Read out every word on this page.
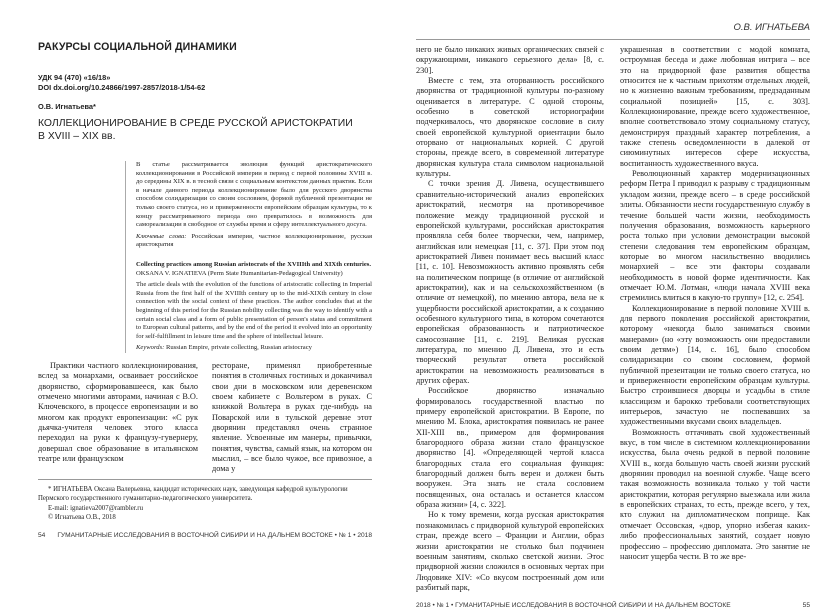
РАКУРСЫ СОЦИАЛЬНОЙ ДИНАМИКИ
УДК 94 (470) «16/18»
DOI dx.doi.org/10.24866/1997-2857/2018-1/54-62
О.В. Игнатьева*
КОЛЛЕКЦИОНИРОВАНИЕ В СРЕДЕ РУССКОЙ АРИСТОКРАТИИ
В XVIII – XIX вв.

В статье рассматривается эволюция функций аристократического коллекционирования в Российской империи в период с первой половины XVIII в. до середины XIX в. в тесной связи с социальным контекстом данных практик. Если в начале данного периода коллекционирование было для русского дворянства способом солидаризации со своим сословием, формой публичной презентации не только своего статуса, но и приверженности европейским образцам культуры, то к концу рассматриваемого периода оно превратилось в возможность для самореализации в свободное от службы время и сферу интеллектуального досуга.

Ключевые слова: Российская империя, частное коллекционирование, русская аристократия

Collecting practices among Russian aristocrats of the XVIIIth and XIXth centuries.

OKSANA V. IGNATIEVA (Perm State Humanitarian-Pedagogical University)

The article deals with the evolution of the functions of aristocratic collecting in Imperial Russia from the first half of the XVIIIth century up to the mid-XIXth century in close connection with the social context of these practices. The author concludes that at the beginning of this period for the Russian nobility collecting was the way to identify with a certain social class and a form of public presentation of person's status and commitment to European cultural patterns, and by the end of the period it evolved into an opportunity for self-fulfillment in leisure time and the sphere of intellectual leisure.

Keywords: Russian Empire, private collecting, Russian aristocracy

Практики частного коллекционирования, вслед за монархами, осваивает российское дворянство, сформировавшееся, как было отмечено многими авторами, начиная с В.О. Ключевского, в процессе европеизации и во многом как продукт европеизации: «С рук дьячка-учителя человек этого класса переходил на руки к французу-гувернеру, довершал свое образование в итальянском театре или французском

ресторане, применял приобретенные понятия в столичных гостиных и доканчивал свои дни в московском или деревенском своем кабинете с Вольтером в руках. С книжкой Вольтера в руках где-нибудь на Поварской или в тульской деревне этот дворянин представлял очень странное явление. Усвоенные им манеры, привычки, понятия, чувства, самый язык, на котором он мыслил, – все было чужое, все привозное, а дома у

* ИГНАТЬЕВА Оксана Валерьевна, кандидат исторических наук, заведующая кафедрой культурологии Пермского государственного гуманитарно-педагогического университета.

E-mail: ignatieva2007@rambler.ru

© Игнатьева О.В., 2018

54 ГУМАНИТАРНЫЕ ИССЛЕДОВАНИЯ В ВОСТОЧНОЙ СИБИРИ И НА ДАЛЬНЕМ ВОСТОКЕ • № 1 • 2018
О.В. ИГНАТЬЕВА

него не было никаких живых органических связей с окружающими, никакого серьезного дела» [8, с. 230].

Вместе с тем, эта оторванность российского дворянства от традиционной культуры по-разному оценивается в литературе. С одной стороны, особенно в советской историографии подчеркивалось, что дворянское сословие в силу своей европейской культурной ориентации было оторвано от национальных корней. С другой стороны, прежде всего, в современной литературе дворянская культура стала символом национальной культуры.

С точки зрения Д. Ливена, осуществившего сравнительно-исторический анализ европейских аристократий, несмотря на противоречивое положение между традиционной русской и европейской культурами, российская аристократия проявляла себя более творчески, чем, например, английская или немецкая [11, с. 37]. При этом под аристократией Ливен понимает весь высший класс [11, с. 10]. Невозможность активно проявлять себя на политическом поприще (в отличие от английской аристократии), как и на сельскохозяйственном (в отличие от немецкой), по мнению автора, вела не к ущербности российской аристократии, а к созданию особенного культурного типа, в котором сочетаются европейская образованность и патриотическое самосознание [11, с. 219]. Великая русская литература, по мнению Д. Ливена, это и есть творческий результат ответа российской аристократии на невозможность реализоваться в других сферах.

Российское дворянство изначально формировалось государственной властью по примеру европейской аристократии. В Европе, по мнению М. Блока, аристократия появилась не ранее XII-XIII вв., примером для формирования благородного образа жизни стало французское дворянство [4]. «Определяющей чертой класса благородных стала его социальная функция: благородный должен быть верен и должен быть вооружен. Эта знать не стала сословием посвященных, она осталась и останется классом образа жизни» [4, с. 322].

Но к тому времени, когда русская аристократия познакомилась с придворной культурой европейских стран, прежде всего – Франции и Англии, образ жизни аристократии не столько был подчинен военным занятиям, сколько светской жизни. Этос придворной жизни сложился в основных чертах при Людовике XIV: «Со вкусом построенный дом или разбитый парк,

украшенная в соответствии с модой комната, остроумная беседа и даже любовная интрига – все это на придворной фазе развития общества относится не к частным прихотям отдельных людей, но к жизненно важным требованиям, предзаданным социальной позицией» [15, с. 303]. Коллекционирование, прежде всего художественное, вполне соответствовало этому социальному статусу, демонстрируя праздный характер потребления, а также степень осведомленности в далекой от сиюминутных интересов сфере искусства, воспитанность художественного вкуса.

Революционный характер модернизационных реформ Петра I приводил к разрыву с традиционным укладом жизни, прежде всего – в среде российской элиты. Обязанности нести государственную службу в течение большей части жизни, необходимость получения образования, возможность карьерного роста только при условии демонстрации высокой степени следования тем европейским образцам, которые во многом насильственно вводились монархией – все эти факторы создавали необходимость в новой форме идентичности. Как отмечает Ю.М. Лотман, «люди начала XVIII века стремились влиться в какую-то группу» [12, с. 254].

Коллекционирование в первой половине XVIII в. для первого поколения российской аристократии, которому «некогда было заниматься своими манерами» (но «эту возможность они предоставили своим детям») [14, с. 16], было способом солидаризации со своим сословием, формой публичной презентации не только своего статуса, но и приверженности европейским образцам культуры. Быстро строившиеся дворцы и усадьбы в стиле классицизм и барокко требовали соответствующих интерьеров, зачастую не поспевавших за художественными вкусами своих владельцев.

Возможность оттачивать свой художественный вкус, в том числе в системном коллекционировании искусства, была очень редкой в первой половине XVIII в., когда большую часть своей жизни русский дворянин проводил на военной службе. Чаще всего такая возможность возникала только у той части аристократии, которая регулярно выезжала или жила в европейских странах, то есть, прежде всего, у тех, кто служил на дипломатическом поприще. Как отмечает Оссовская, «двор, упорно избегая каких-либо профессиональных занятий, создает новую профессию – профессию дипломата. Это занятие не наносит ущерба чести. В то же вре-

2018 • № 1 • ГУМАНИТАРНЫЕ ИССЛЕДОВАНИЯ В ВОСТОЧНОЙ СИБИРИ И НА ДАЛЬНЕМ ВОСТОКЕ	55
